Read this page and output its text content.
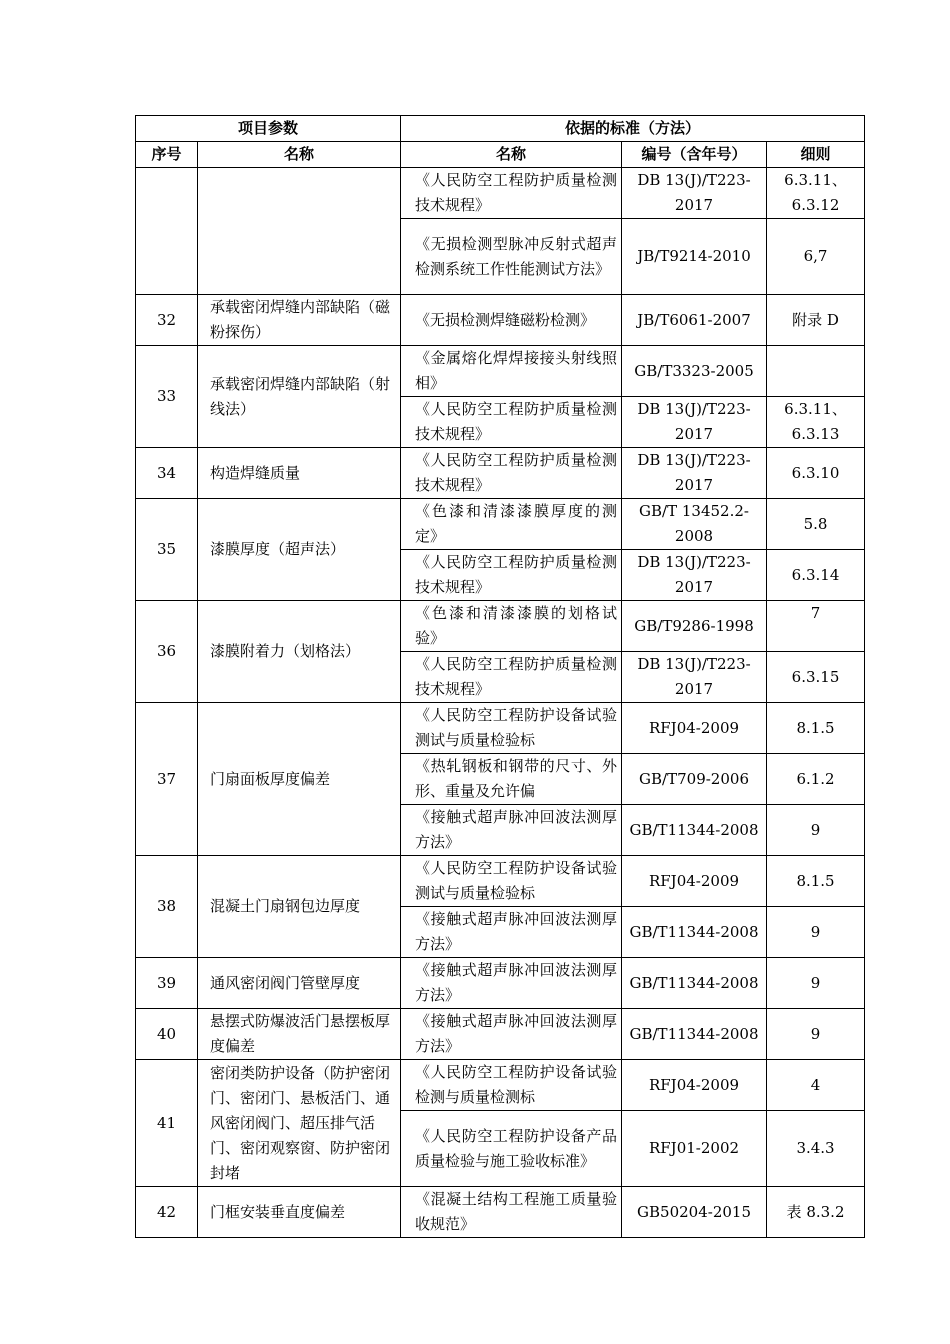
项目参数		依据的标准（方法）		
序号	名称	名称	编号（含年号）	细则
		《人民防空工程防护质量检测技术规程》	DB 13(J)/T223-2017	6.3.11、6.3.12
		《无损检测型脉冲反射式超声检测系统工作性能测试方法》	JB/T9214-2010	6,7
32	承载密闭焊缝内部缺陷（磁粉探伤）	《无损检测焊缝磁粉检测》	JB/T6061-2007	附录 D
33	承载密闭焊缝内部缺陷（射线法）	《金属熔化焊焊接接头射线照相》	GB/T3323-2005	
		《人民防空工程防护质量检测技术规程》	DB 13(J)/T223-2017	6.3.11、6.3.13
34	构造焊缝质量	《人民防空工程防护质量检测技术规程》	DB 13(J)/T223-2017	6.3.10
35	漆膜厚度（超声法）	《色漆和清漆漆膜厚度的测定》	GB/T 13452.2-2008	5.8
		《人民防空工程防护质量检测技术规程》	DB 13(J)/T223-2017	6.3.14
36	漆膜附着力（划格法）	《色漆和清漆漆膜的划格试验》	GB/T9286-1998	7
		《人民防空工程防护质量检测技术规程》	DB 13(J)/T223-2017	6.3.15
37	门扇面板厚度偏差	《人民防空工程防护设备试验测试与质量检验标	RFJ04-2009	8.1.5

		《热轧钢板和钢带的尺寸、外形、重量及允许偏	GB/T709-2006	6.1.2
		《接触式超声脉冲回波法测厚方法》	GB/T11344-2008	9
38	混凝土门扇钢包边厚度	《人民防空工程防护设备试验测试与质量检验标	RFJ04-2009	8.1.5
		《接触式超声脉冲回波法测厚方法》	GB/T11344-2008	9
39	通风密闭阀门管壁厚度	《接触式超声脉冲回波法测厚方法》	GB/T11344-2008	9
40	悬摆式防爆波活门悬摆板厚度偏差	《接触式超声脉冲回波法测厚方法》	GB/T11344-2008	9
41	密闭类防护设备（防护密闭门、密闭门、悬板活门、通风密闭阀门、超压排气活门、密闭观察窗、防护密闭封堵	《人民防空工程防护设备试验检测与质量检测标	RFJ04-2009	4
		《人民防空工程防护设备产品质量检验与施工验收标准》	RFJ01-2002	3.4.3
42	门框安装垂直度偏差	《混凝土结构工程施工质量验收规范》	GB50204-2015	表 8.3.2
